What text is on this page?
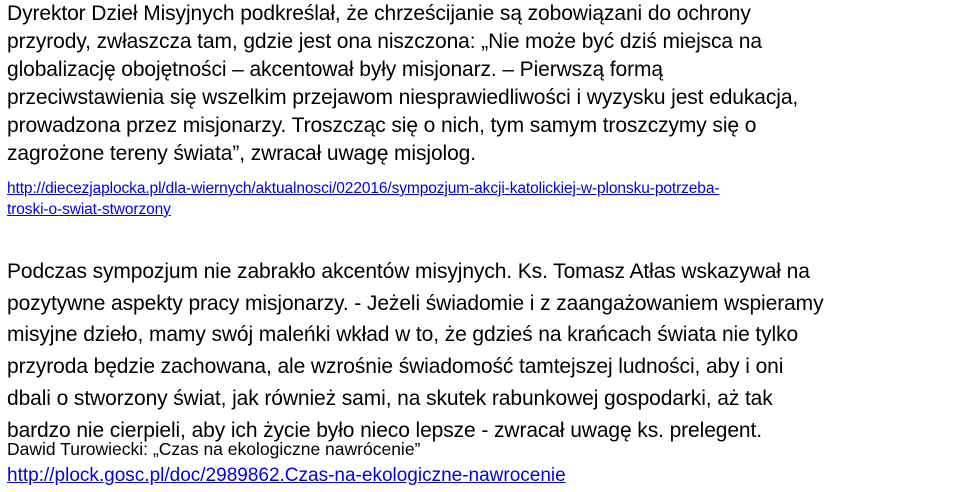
Dyrektor Dzieł Misyjnych podkreślał, że chrześcijanie są zobowiązani do ochrony
przyrody, zwłaszcza tam, gdzie jest ona niszczona: „Nie może być dziś miejsca na
globalizację obojętności – akcentował były misjonarz. – Pierwszą formą
przeciwstawienia się wszelkim przejawom niesprawiedliwości i wyzysku jest edukacja,
prowadzona przez misjonarzy. Troszcząc się o nich, tym samym troszczymy się o
zagrożone tereny świata”, zwracał uwagę misjolog.
http://diecezjaplocka.pl/dla-wiernych/aktualnosci/022016/sympozjum-akcji-katolickiej-w-plonsku-potrzeba-
troski-o-swiat-stworzony
Podczas sympozjum nie zabrakło akcentów misyjnych. Ks. Tomasz Atłas wskazywał na
pozytywne aspekty pracy misjonarzy. - Jeżeli świadomie i z zaangażowaniem wspieramy
misyjne dzieło, mamy swój maleńki wkład w to, że gdzieś na krańcach świata nie tylko
przyroda będzie zachowana, ale wzrośnie świadomość tamtejszej ludności, aby i oni
dbali o stworzony świat, jak również sami, na skutek rabunkowej gospodarki, aż tak
bardzo nie cierpieli, aby ich życie było nieco lepsze - zwracał uwagę ks. prelegent.
Dawid Turowiecki: „Czas na ekologiczne nawrócenie”
http://plock.gosc.pl/doc/2989862.Czas-na-ekologiczne-nawrocenie
